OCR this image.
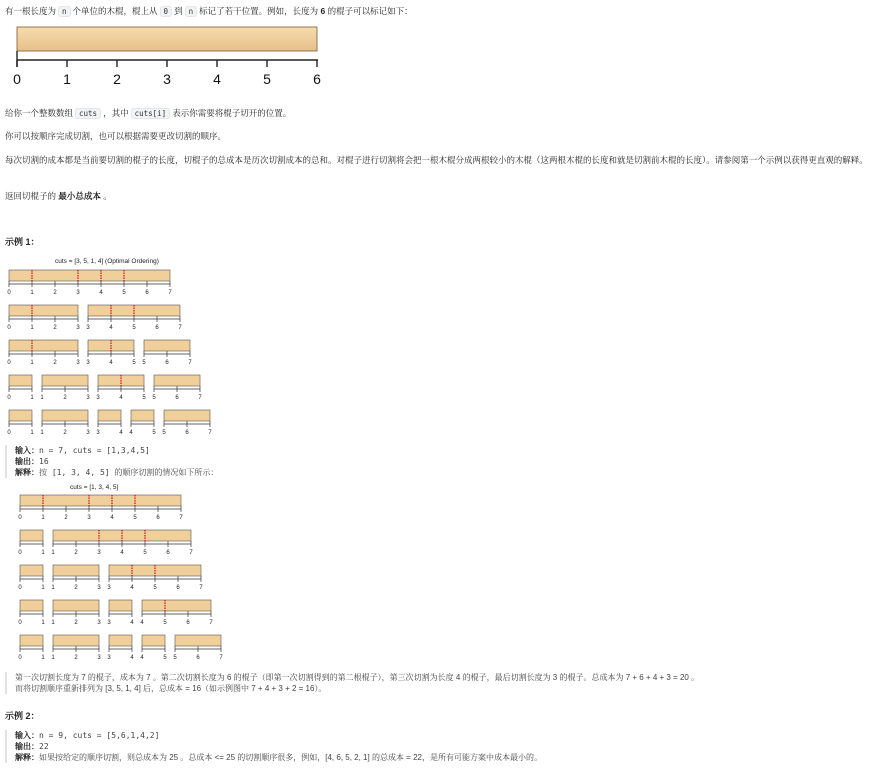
有一根长度为 n 个单位的木棍，棍上从 0 到 n 标记了若干位置。例如，长度为 6 的棍子可以标记如下：
0	1	2	3	4	5	6
给你一个整数数组 cuts ，其中 cuts[i] 表示你需要将棍子切开的位置。
你可以按顺序完成切割，也可以根据需要更改切割的顺序。
每次切割的成本都是当前要切割的棍子的长度，切棍子的总成本是历次切割成本的总和。对棍子进行切割将会把一根木棍分成两根较小的木棍（这两根木棍的长度和就是切割前木棍的长度）。请参阅第一个示例以获得更直观的解释。
返回切棍子的 最小总成本 。
示例 1：
cuts = [3, 5, 1, 4] (Optimal Ordering)
0	1	2	3	4	5	6	7
0	1	2	3 3	4	5	6	7
0	1	2	3 3	4	5 5	6	7
0	1 1	2	3 3	4	5 5	6	7
0	1 1	2	3 3	4 4	5 5	6	7
输入：n = 7, cuts = [1,3,4,5]
输出：16
解释：按 [1, 3, 4, 5] 的顺序切割的情况如下所示：
cuts = [1, 3, 4, 5]
0	1	2	3	4	5	6	7
0	1 1	2	3	4	5	6	7
0	1 1	2	3 3	4	5	6	7
0	1 1	2	3 3	4 4	5	6	7
0	1 1	2	3 3	4 4	5 5	6	7
第一次切割长度为 7 的棍子，成本为 7 。第二次切割长度为 6 的棍子（即第一次切割得到的第二根棍子），第三次切割为长度 4 的棍子，最后切割长度为 3 的棍子。总成本为 7 + 6 + 4 + 3 = 20 。
而将切割顺序重新排列为 [3, 5, 1, 4] 后，总成本 = 16（如示例图中 7 + 4 + 3 + 2 = 16）。
示例 2：
输入：n = 9, cuts = [5,6,1,4,2]
输出：22
解释：如果按给定的顺序切割，则总成本为 25 。总成本 <= 25 的切割顺序很多，例如，[4, 6, 5, 2, 1] 的总成本 = 22，是所有可能方案中成本最小的。
